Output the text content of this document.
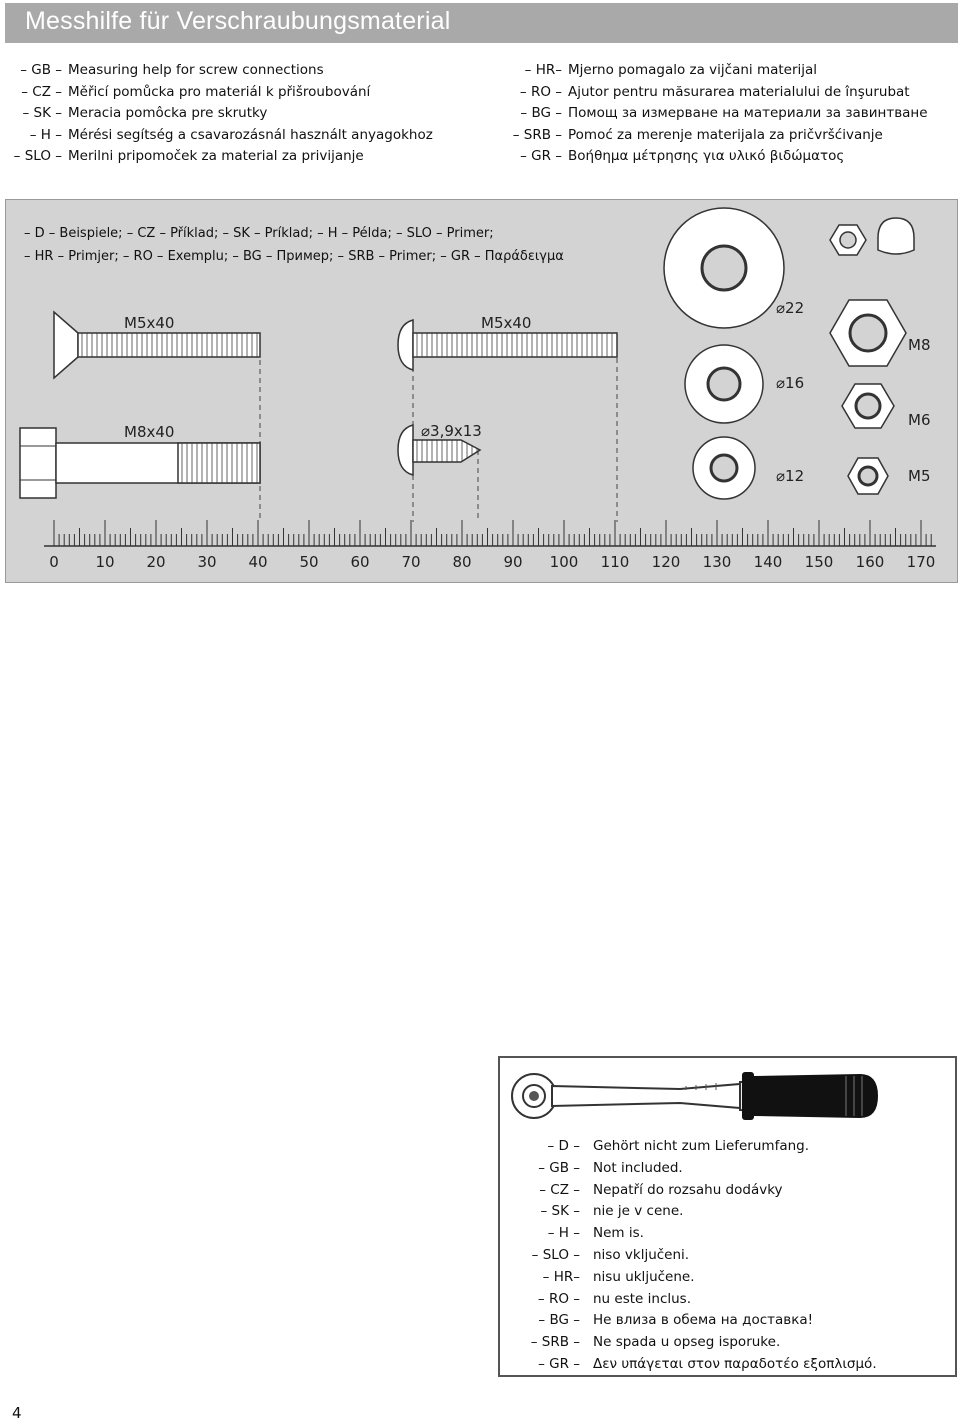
Messhilfe für Verschraubungsmaterial
– GB – Measuring help for screw connections
– CZ – Měřicí pomůcka pro materiál k přišroubování
– SK – Meracia pomôcka pre skrutky
– H – Mérési segítség a csavarozásnál használt anyagokhoz
– SLO – Merilni pripomoček za material za privijanje
– HR– Mjerno pomagalo za vijčani materijal
– RO – Ajutor pentru măsurarea materialului de înşurubat
– BG – Помощ за измерване на материали за завинтване
– SRB – Pomoć za merenje materijala za pričvršćivanje
– GR – Βοήθημα μέτρησης για υλικό βιδώματος
– D – Beispiele; – CZ – Příklad; – SK – Príklad; – H – Példa; – SLO – Primer;
– HR – Primjer; – RO – Exemplu; – BG – Пример; – SRB – Primer; – GR – Παράδειγμα
M5x40	M5x40
M8x40	⌀3,9x13
⌀22
⌀16
⌀12
M8
M6
M5
0 10 20 30 40 50 60 70 80 90 100 110 120 130 140 150 160 170
– D – Gehört nicht zum Lieferumfang.
– GB – Not included.
– CZ – Nepatří do rozsahu dodávky
– SK – nie je v cene.
– H – Nem is.
– SLO – niso vključeni.
– HR– nisu uključene.
– RO – nu este inclus.
– BG – Не влиза в обема на доставка!
– SRB – Ne spada u opseg isporuke.
– GR – Δεν υπάγεται στον παραδοτέο εξοπλισμό.
4
